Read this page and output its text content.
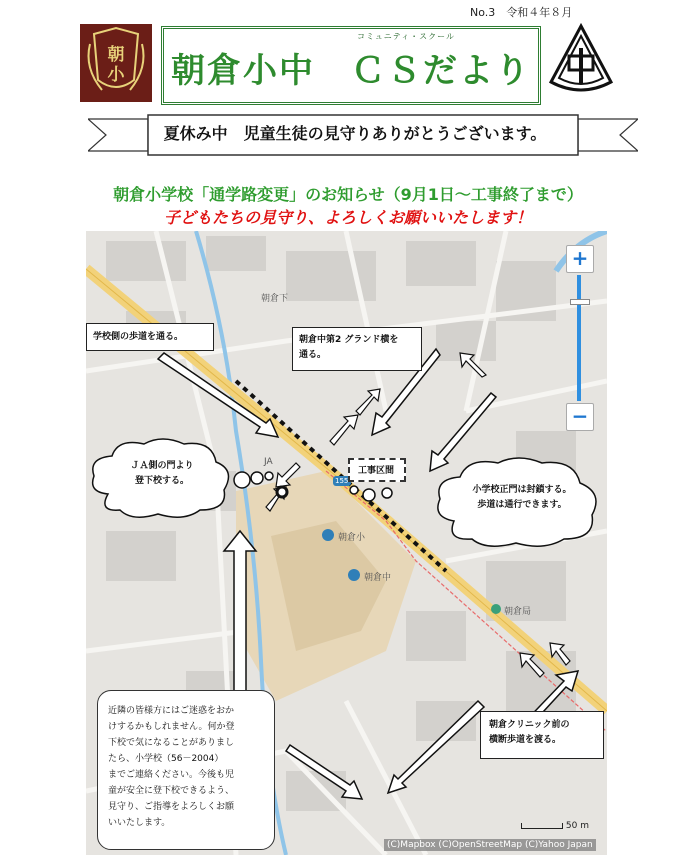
No.3　令和４年８月
朝
小
コミュニティ・スクール
朝倉小中　ＣＳだより
夏休み中　児童生徒の見守りありがとうございます。
朝倉小学校「通学路変更」のお知らせ（9月1日～工事終了まで）
子どもたちの見守り、よろしくお願いいたします！
朝倉下
JA
155
朝倉小
朝倉中
朝倉局
学校側の歩道を通る。	朝倉中第2 グランド横を
通る。
工事区間
ＪＡ側の門より
登下校する。
小学校正門は封鎖する。
歩道は通行できます。
朝倉クリニック前の
横断歩道を渡る。
近隣の皆様方にはご迷惑をおか
けするかもしれません。何か登
下校で気になることがありまし
たら、小学校（56－2004）
までご連絡ください。今後も児
童が安全に登下校できるよう、
見守り、ご指導をよろしくお願
いいたします。
+
−
50 m
(C)Mapbox (C)OpenStreetMap (C)Yahoo Japan
